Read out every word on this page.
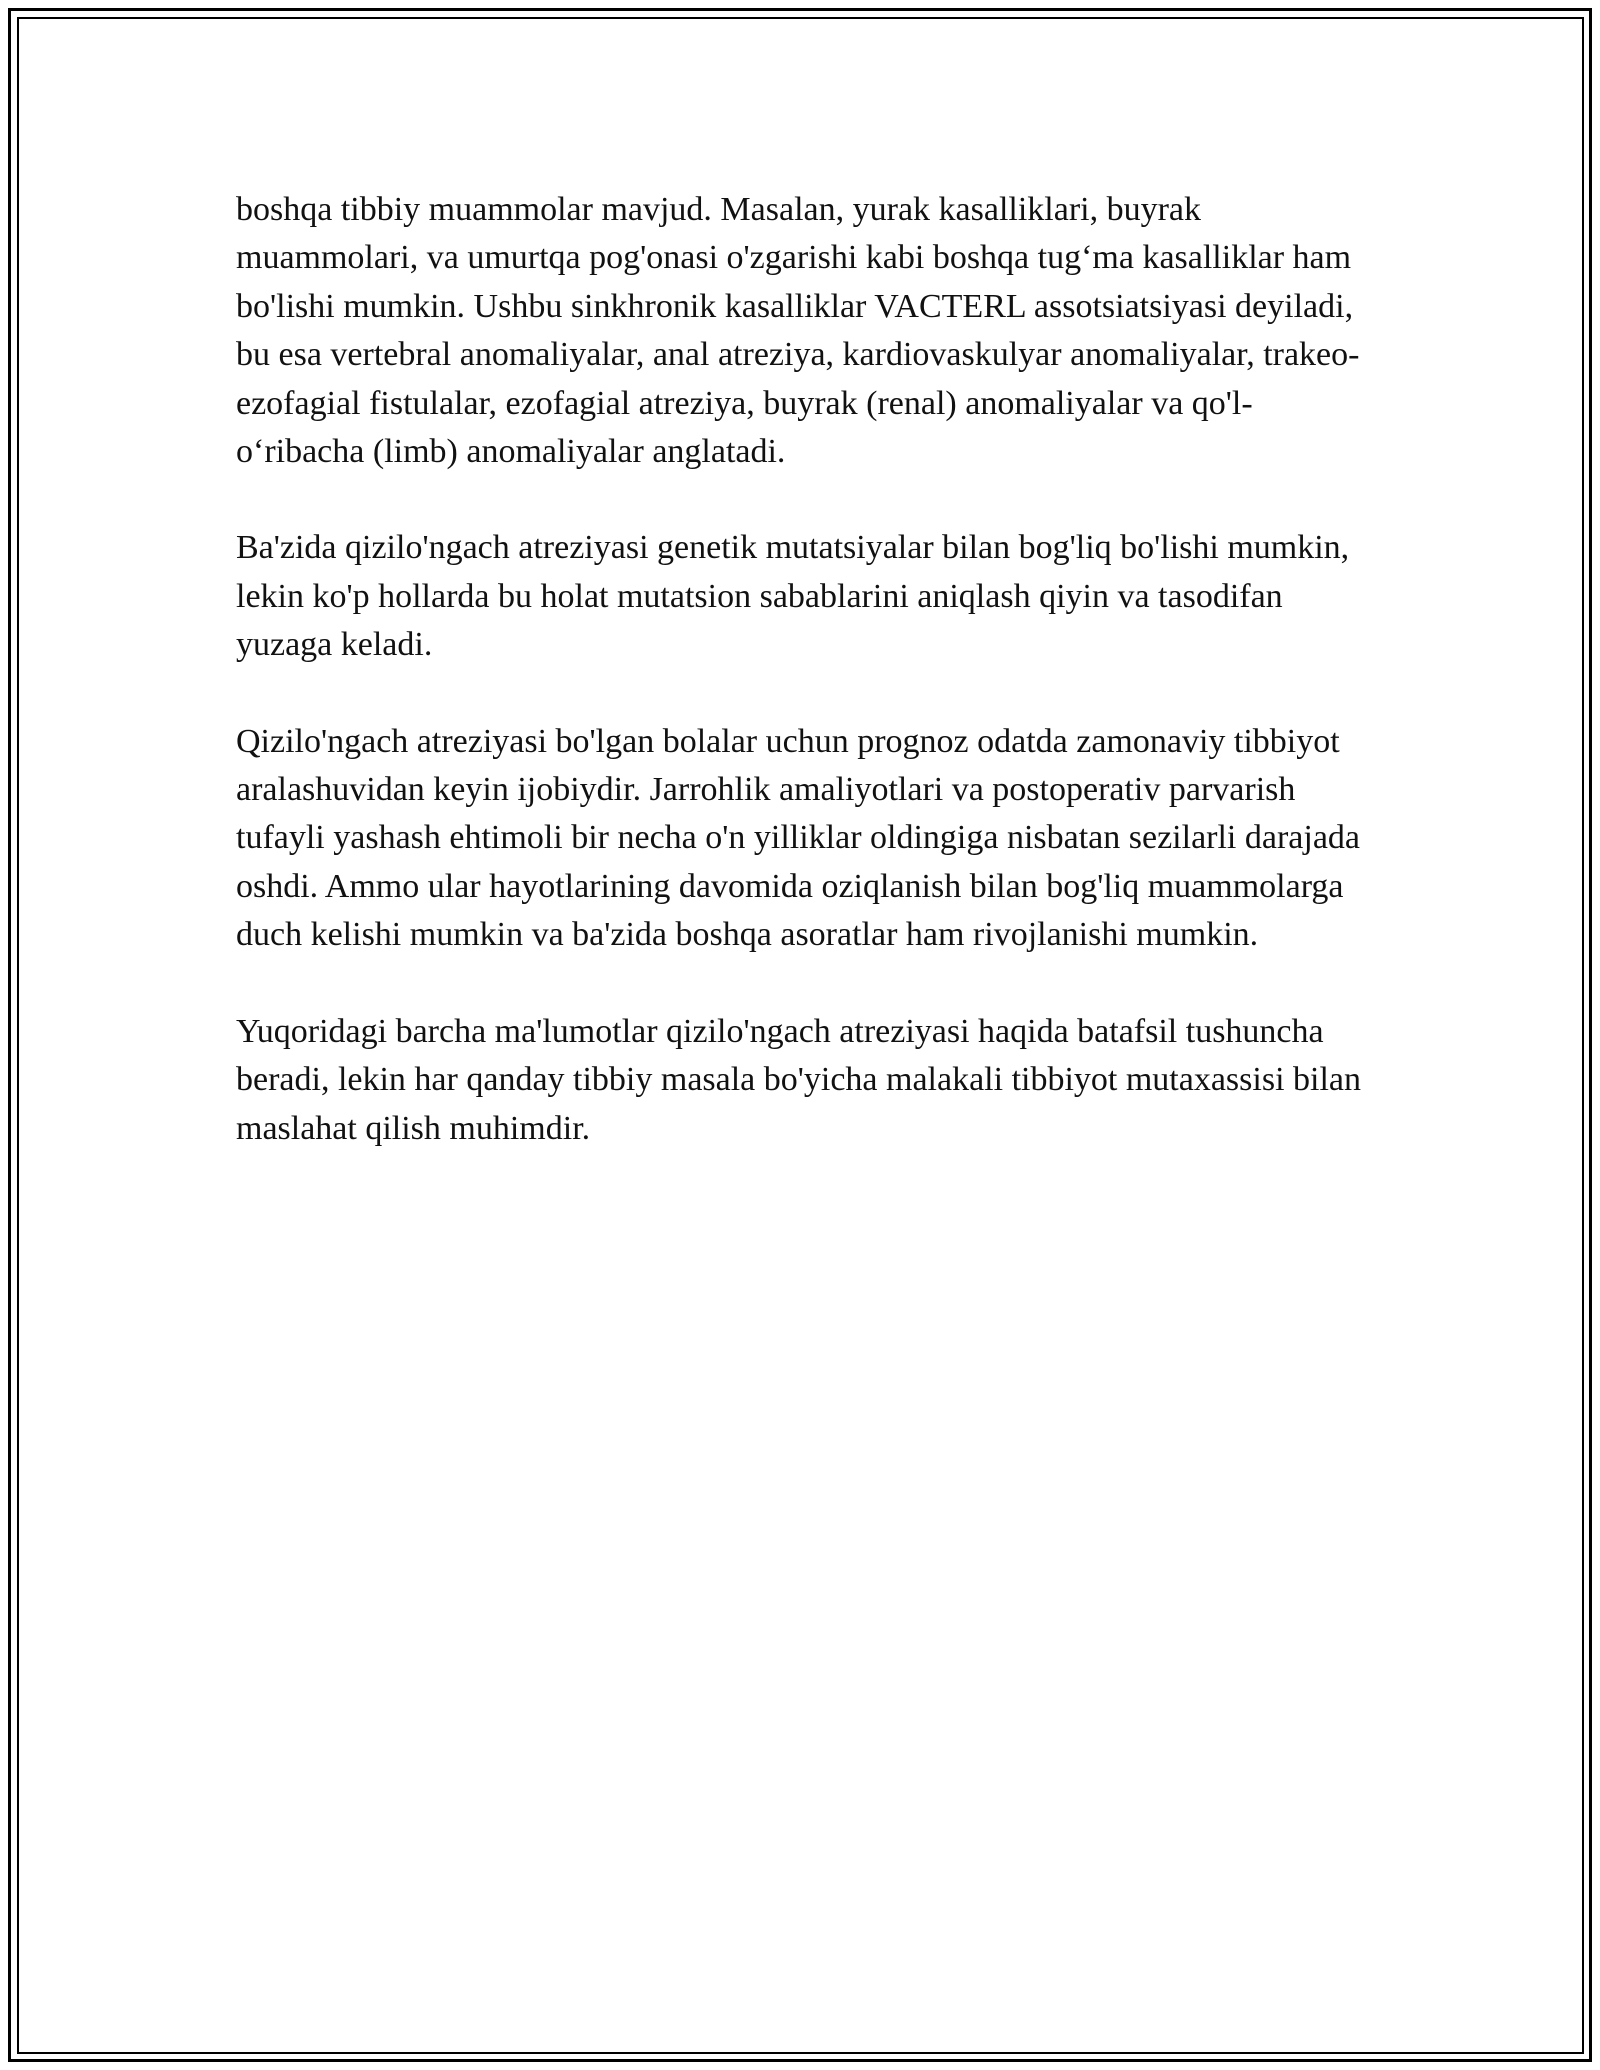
boshqa tibbiy muammolar mavjud. Masalan, yurak kasalliklari, buyrak muammolari, va umurtqa pog'onasi o'zgarishi kabi boshqa tug‘ma kasalliklar ham bo'lishi mumkin. Ushbu sinkhronik kasalliklar VACTERL assotsiatsiyasi deyiladi, bu esa vertebral anomaliyalar, anal atreziya, kardiovaskulyar anomaliyalar, trakeo-ezofagial fistulalar, ezofagial atreziya, buyrak (renal) anomaliyalar va qo'l-o‘ribacha (limb) anomaliyalar anglatadi.

Ba'zida qizilo'ngach atreziyasi genetik mutatsiyalar bilan bog'liq bo'lishi mumkin, lekin ko'p hollarda bu holat mutatsion sabablarini aniqlash qiyin va tasodifan yuzaga keladi.

Qizilo'ngach atreziyasi bo'lgan bolalar uchun prognoz odatda zamonaviy tibbiyot aralashuvidan keyin ijobiydir. Jarrohlik amaliyotlari va postoperativ parvarish tufayli yashash ehtimoli bir necha o'n yilliklar oldingiga nisbatan sezilarli darajada oshdi. Ammo ular hayotlarining davomida oziqlanish bilan bog'liq muammolarga duch kelishi mumkin va ba'zida boshqa asoratlar ham rivojlanishi mumkin.

Yuqoridagi barcha ma'lumotlar qizilo'ngach atreziyasi haqida batafsil tushuncha beradi, lekin har qanday tibbiy masala bo'yicha malakali tibbiyot mutaxassisi bilan maslahat qilish muhimdir.
